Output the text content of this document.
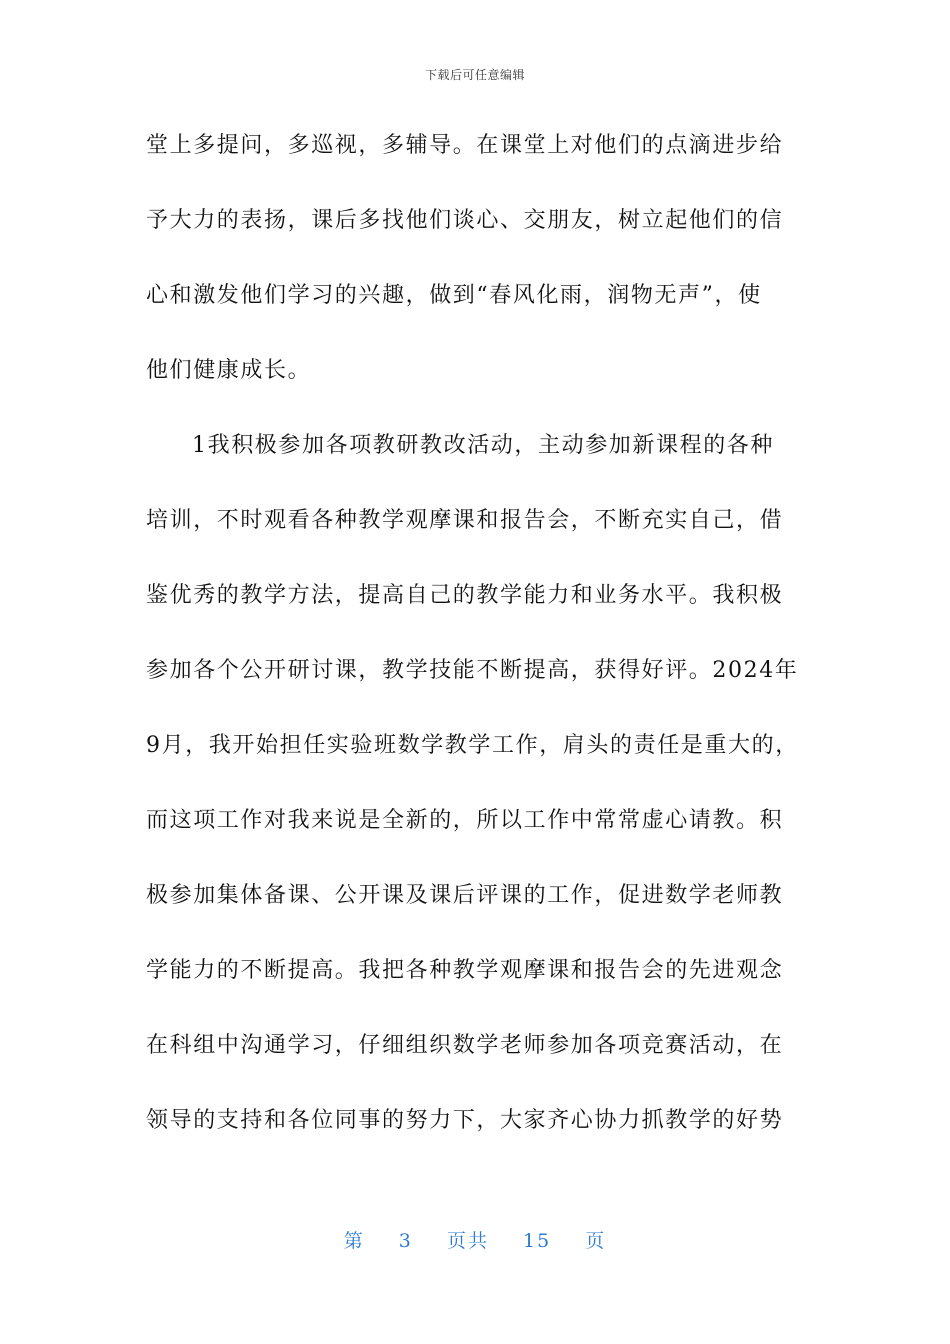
下载后可任意编辑
堂上多提问，多巡视，多辅导。在课堂上对他们的点滴进步给
予大力的表扬，课后多找他们谈心、交朋友，树立起他们的信
心和激发他们学习的兴趣，做到“春风化雨，润物无声”，使
他们健康成长。
1我积极参加各项教研教改活动，主动参加新课程的各种
培训，不时观看各种教学观摩课和报告会，不断充实自己，借
鉴优秀的教学方法，提高自己的教学能力和业务水平。我积极
参加各个公开研讨课，教学技能不断提高，获得好评。2024年
9月，我开始担任实验班数学教学工作，肩头的责任是重大的，
而这项工作对我来说是全新的，所以工作中常常虚心请教。积
极参加集体备课、公开课及课后评课的工作，促进数学老师教
学能力的不断提高。我把各种教学观摩课和报告会的先进观念
在科组中沟通学习，仔细组织数学老师参加各项竞赛活动，在
领导的支持和各位同事的努力下，大家齐心协力抓教学的好势
第 3 页共 15 页
